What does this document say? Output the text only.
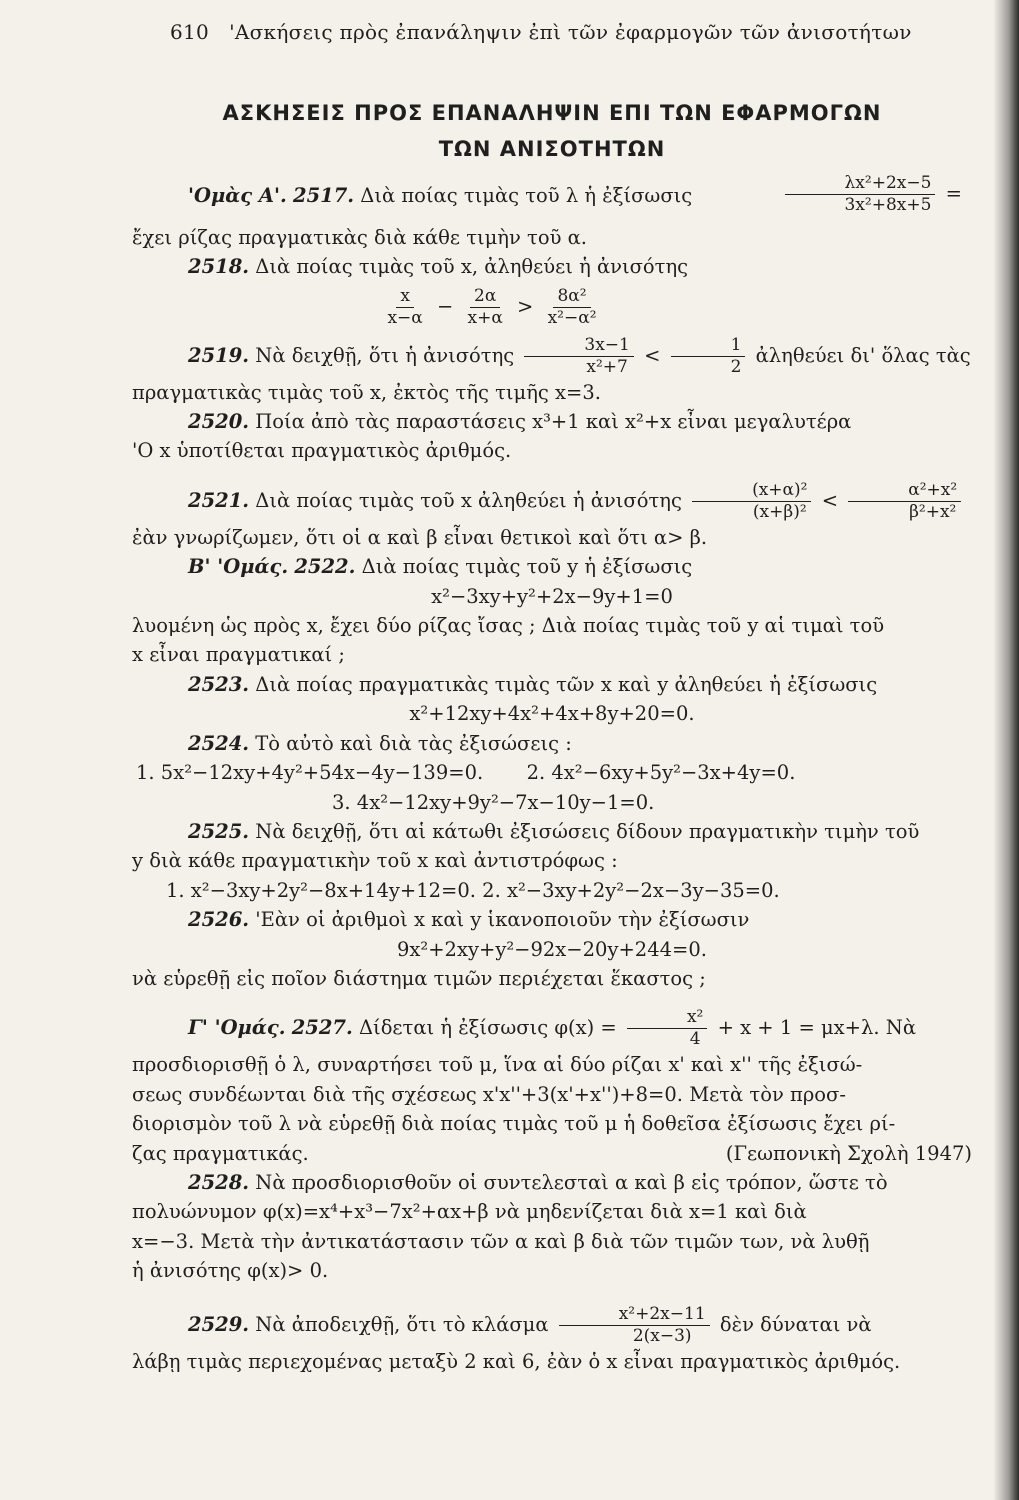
610 'Ασκήσεις πρὸς ἐπανάληψιν ἐπὶ τῶν ἐφαρμογῶν τῶν ἀνισοτήτων
ΑΣΚΗΣΕΙΣ ΠΡΟΣ ΕΠΑΝΑΛΗΨΙΝ ΕΠΙ ΤΩΝ ΕΦΑΡΜΟΓΩΝ
ΤΩΝ ΑΝΙΣΟΤΗΤΩΝ
'Ομὰς Α'. 2517. Διὰ ποίας τιμὰς τοῦ λ ἡ ἐξίσωσις	$\frac{\text{λx²+2x−5}}{\text{3x²+8x+5}}$ =
ἔχει ρίζας πραγματικὰς διὰ κάθε τιμὴν τοῦ α.
2518. Διὰ ποίας τιμὰς τοῦ x, ἀληθεύει ἡ ἀνισότης
$\frac{x}{x-\alpha} - \frac{2\alpha}{x+\alpha} > \frac{\text{8α²}}{\text{x²−α²}}$
2519. Νὰ δειχθῇ, ὅτι ἡ ἀνισότης $\frac{3x-1}{\text{x²+7}} < \frac{1}{2}$ ἀληθεύει δι' ὅλας τὰς
πραγματικὰς τιμὰς τοῦ x, ἐκτὸς τῆς τιμῆς x=3.
2520. Ποία ἀπὸ τὰς παραστάσεις x³+1 καὶ x²+x εἶναι μεγαλυτέρα
'Ο x ὑποτίθεται πραγματικὸς ἀριθμός.
2521. Διὰ ποίας τιμὰς τοῦ x ἀληθεύει ἡ ἀνισότης $\frac{\text{(x+α)²}}{\text{(x+β)²}} < \frac{\text{α²+x²}}{\text{β²+x²}}$
ἐὰν γνωρίζωμεν, ὅτι οἱ α καὶ β εἶναι θετικοὶ καὶ ὅτι α> β.
Β' 'Ομάς. 2522. Διὰ ποίας τιμὰς τοῦ y ἡ ἐξίσωσις
x²−3xy+y²+2x−9y+1=0
λυομένη ὡς πρὸς x, ἔχει δύο ρίζας ἴσας ; Διὰ ποίας τιμὰς τοῦ y αἱ τιμαὶ τοῦ
x εἶναι πραγματικαί ;
2523. Διὰ ποίας πραγματικὰς τιμὰς τῶν x καὶ y ἀληθεύει ἡ ἐξίσωσις
x²+12xy+4x²+4x+8y+20=0.
2524. Τὸ αὐτὸ καὶ διὰ τὰς ἐξισώσεις :
1. 5x²−12xy+4y²+54x−4y−139=0. 2. 4x²−6xy+5y²−3x+4y=0.
3. 4x²−12xy+9y²−7x−10y−1=0.
2525. Νὰ δειχθῇ, ὅτι αἱ κάτωθι ἐξισώσεις δίδουν πραγματικὴν τιμὴν τοῦ
y διὰ κάθε πραγματικὴν τοῦ x καὶ ἀντιστρόφως :
1. x²−3xy+2y²−8x+14y+12=0. 2. x²−3xy+2y²−2x−3y−35=0.
2526. 'Εὰν οἱ ἀριθμοὶ x καὶ y ἱκανοποιοῦν τὴν ἐξίσωσιν
9x²+2xy+y²−92x−20y+244=0.
νὰ εὑρεθῇ εἰς ποῖον διάστημα τιμῶν περιέχεται ἕκαστος ;
Γ' 'Ομάς. 2527. Δίδεται ἡ ἐξίσωσις $\varphi(x) = \frac{\text{x²}}{4} + x + 1 = \mu x+\lambda$. Νὰ
προσδιορισθῇ ὁ λ, συναρτήσει τοῦ μ, ἵνα αἱ δύο ρίζαι x' καὶ x'' τῆς ἐξισώ-
σεως συνδέωνται διὰ τῆς σχέσεως x'x''+3(x'+x'')+8=0. Μετὰ τὸν προσ-
διορισμὸν τοῦ λ νὰ εὑρεθῇ διὰ ποίας τιμὰς τοῦ μ ἡ δοθεῖσα ἐξίσωσις ἔχει ρί-
ζας πραγματικάς.	(Γεωπονικὴ Σχολὴ 1947)
2528. Νὰ προσδιορισθοῦν οἱ συντελεσταὶ α καὶ β εἰς τρόπον, ὥστε τὸ
πολυώνυμον φ(x)=x⁴+x³−7x²+αx+β νὰ μηδενίζεται διὰ x=1 καὶ διὰ
x=−3. Μετὰ τὴν ἀντικατάστασιν τῶν α καὶ β διὰ τῶν τιμῶν των, νὰ λυθῇ
ἡ ἀνισότης φ(x)> 0.
2529. Νὰ ἀποδειχθῇ, ὅτι τὸ κλάσμα $\frac{\text{x²+2x−11}}{2(x-3)}$ δὲν δύναται νὰ
λάβῃ τιμὰς περιεχομένας μεταξὺ 2 καὶ 6, ἐὰν ὁ x εἶναι πραγματικὸς ἀριθμός.
